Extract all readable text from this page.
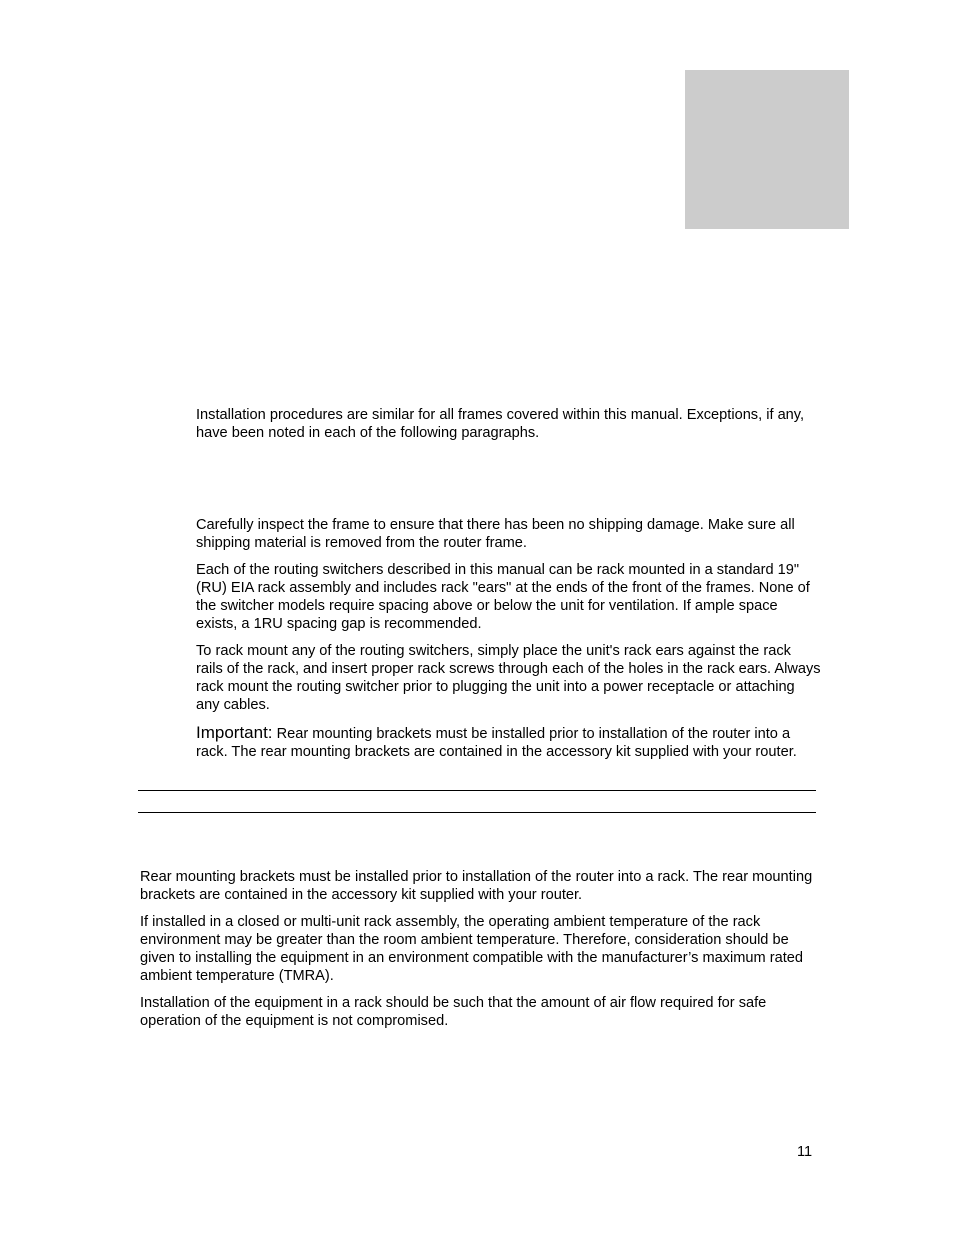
Installation procedures are similar for all frames covered within this manual. Exceptions, if any, have been noted in each of the following paragraphs.

Carefully inspect the frame to ensure that there has been no shipping damage. Make sure all shipping material is removed from the router frame.

Each of the routing switchers described in this manual can be rack mounted in a standard 19" (RU) EIA rack assembly and includes rack "ears" at the ends of the front of the frames. None of the switcher models require spacing above or below the unit for ventilation. If ample space exists, a 1RU spacing gap is recommended.

To rack mount any of the routing switchers, simply place the unit's rack ears against the rack rails of the rack, and insert proper rack screws through each of the holes in the rack ears. Always rack mount the routing switcher prior to plugging the unit into a power receptacle or attaching any cables.

Important: Rear mounting brackets must be installed prior to installation of the router into a rack. The rear mounting brackets are contained in the accessory kit supplied with your router.

Rear mounting brackets must be installed prior to installation of the router into a rack. The rear mounting brackets are contained in the accessory kit supplied with your router.

If installed in a closed or multi-unit rack assembly, the operating ambient temperature of the rack environment may be greater than the room ambient temperature. Therefore, consideration should be given to installing the equipment in an environment compatible with the manufacturer’s maximum rated ambient temperature (TMRA).

Installation of the equipment in a rack should be such that the amount of air flow required for safe operation of the equipment is not compromised.

11
